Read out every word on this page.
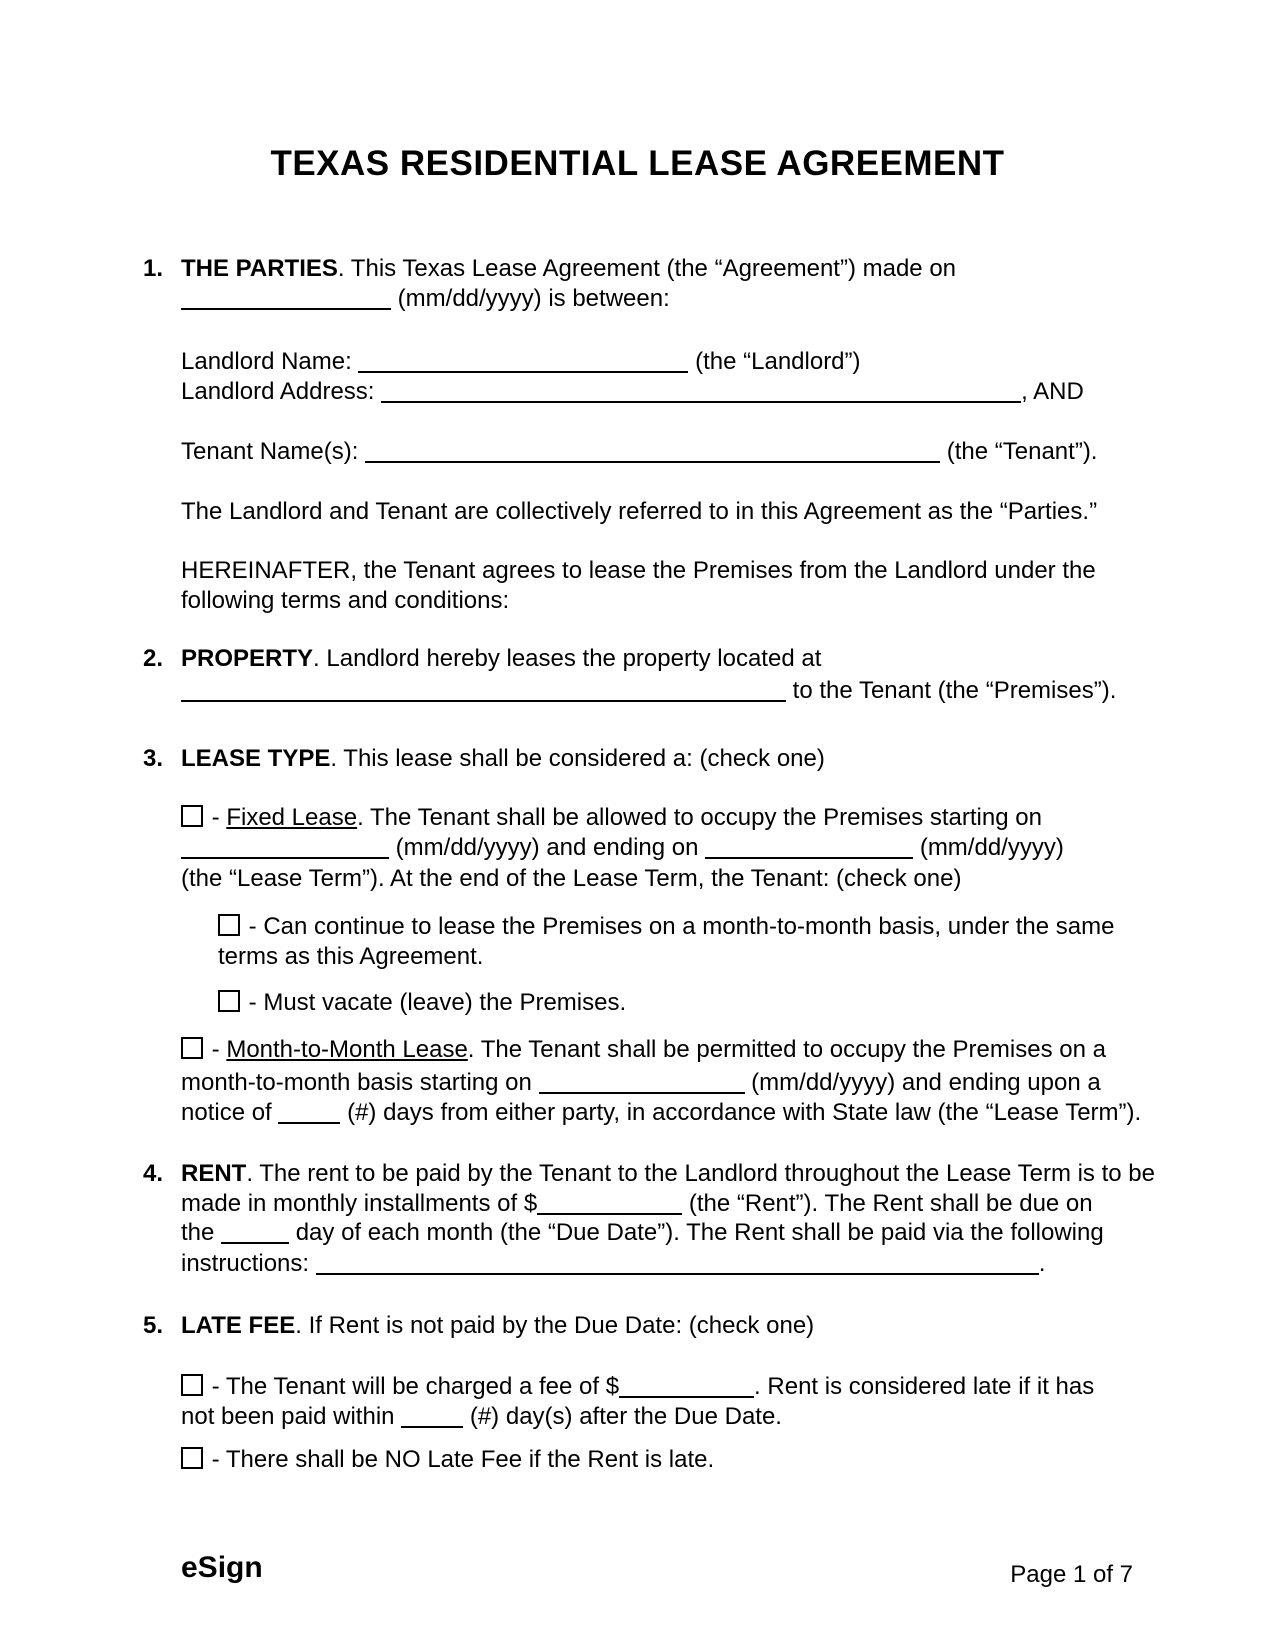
TEXAS RESIDENTIAL LEASE AGREEMENT
1. THE PARTIES. This Texas Lease Agreement (the “Agreement”) made on
(mm/dd/yyyy) is between:
Landlord Name:	(the “Landlord”)
Landlord Address:	, AND
Tenant Name(s):	(the “Tenant”).
The Landlord and Tenant are collectively referred to in this Agreement as the “Parties.”
HEREINAFTER, the Tenant agrees to lease the Premises from the Landlord under the
following terms and conditions:
2. PROPERTY. Landlord hereby leases the property located at
to the Tenant (the “Premises”).
3. LEASE TYPE. This lease shall be considered a: (check one)
- Fixed Lease. The Tenant shall be allowed to occupy the Premises starting on
(mm/dd/yyyy) and ending on	(mm/dd/yyyy)
(the “Lease Term”). At the end of the Lease Term, the Tenant: (check one)
- Can continue to lease the Premises on a month-to-month basis, under the same
terms as this Agreement.
- Must vacate (leave) the Premises.
- Month-to-Month Lease. The Tenant shall be permitted to occupy the Premises on a
month-to-month basis starting on	(mm/dd/yyyy) and ending upon a
notice of	(#) days from either party, in accordance with State law (the “Lease Term”).
4. RENT. The rent to be paid by the Tenant to the Landlord throughout the Lease Term is to be
made in monthly installments of $	(the “Rent”). The Rent shall be due on
the	day of each month (the “Due Date”). The Rent shall be paid via the following
instructions:	.
5. LATE FEE. If Rent is not paid by the Due Date: (check one)
- The Tenant will be charged a fee of $	. Rent is considered late if it has
not been paid within	(#) day(s) after the Due Date.
- There shall be NO Late Fee if the Rent is late.
eSign	Page 1 of 7
